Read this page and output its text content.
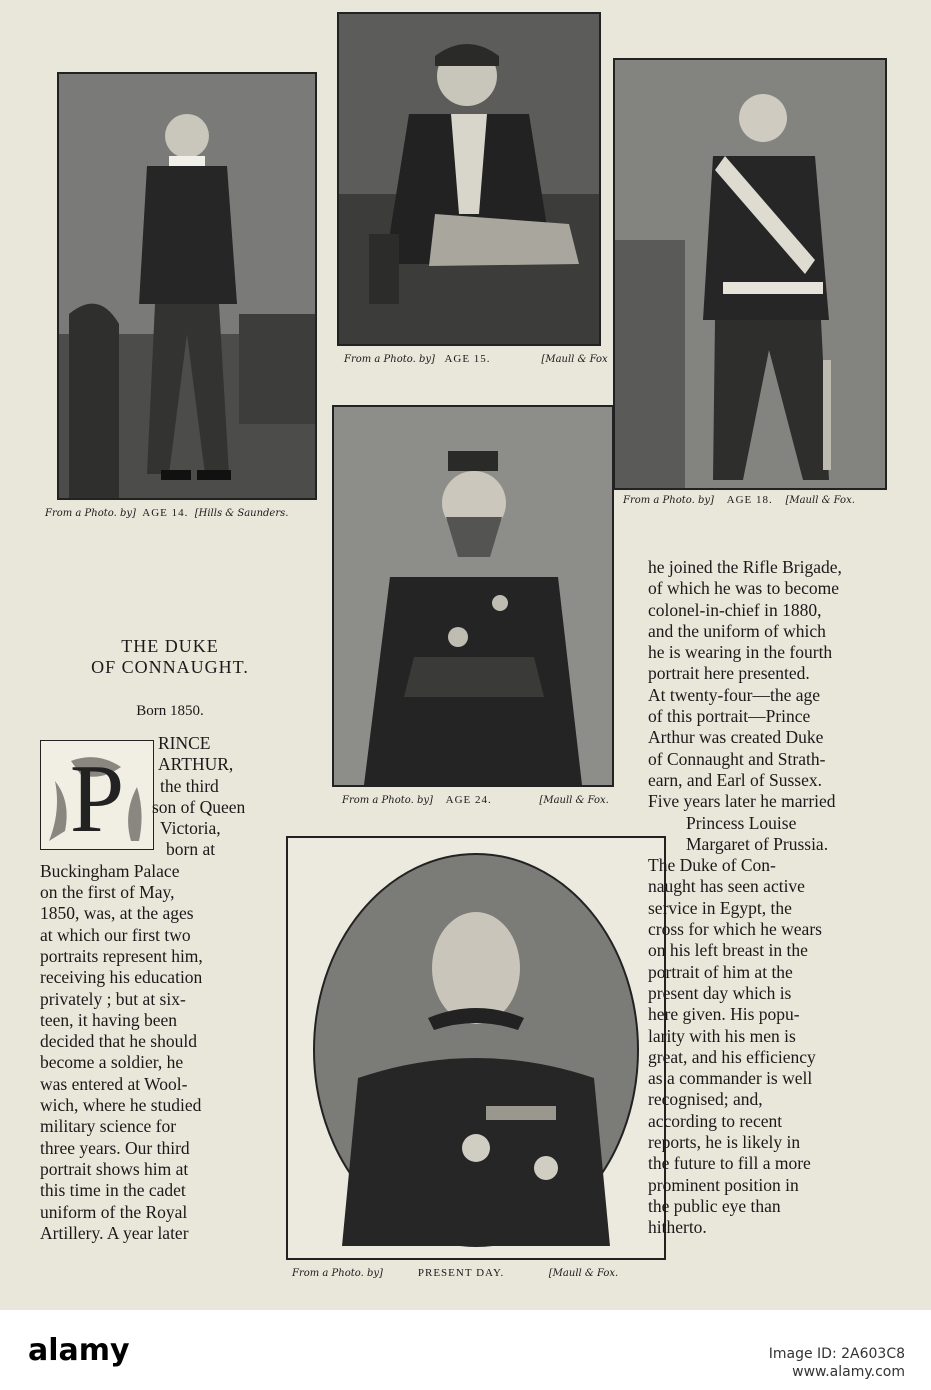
From a Photo. by] AGE 14. [Hills & Saunders.
From a Photo. by] AGE 15.	[Maull & Fox
From a Photo. by] AGE 18. [Maull & Fox.
From a Photo. by] AGE 24.	[Maull & Fox.
From a Photo. by]	PRESENT DAY.	[Maull & Fox.
THE DUKE
OF CONNAUGHT.
Born 1850.
P
RINCE
ARTHUR,
the third
son of Queen
Victoria,
born at
Buckingham Palace
on the first of May,
1850, was, at the ages
at which our first two
portraits represent him,
receiving his education
privately ; but at six-
teen, it having been
decided that he should
become a soldier, he
was entered at Wool-
wich, where he studied
military science for
three years. Our third
portrait shows him at
this time in the cadet
uniform of the Royal
Artillery. A year later
he joined the Rifle Brigade,
of which he was to become
colonel-in-chief in 1880,
and the uniform of which
he is wearing in the fourth
portrait here presented.
At twenty-four—the age
of this portrait—Prince
Arthur was created Duke
of Connaught and Strath-
earn, and Earl of Sussex.
Five years later he married
Princess Louise
Margaret of Prussia.
The Duke of Con-
naught has seen active
service in Egypt, the
cross for which he wears
on his left breast in the
portrait of him at the
present day which is
here given. His popu-
larity with his men is
great, and his efficiency
as a commander is well
recognised; and,
according to recent
reports, he is likely in
the future to fill a more
prominent position in
the public eye than
hitherto.
alamy	Image ID: 2A603C8
www.alamy.com
